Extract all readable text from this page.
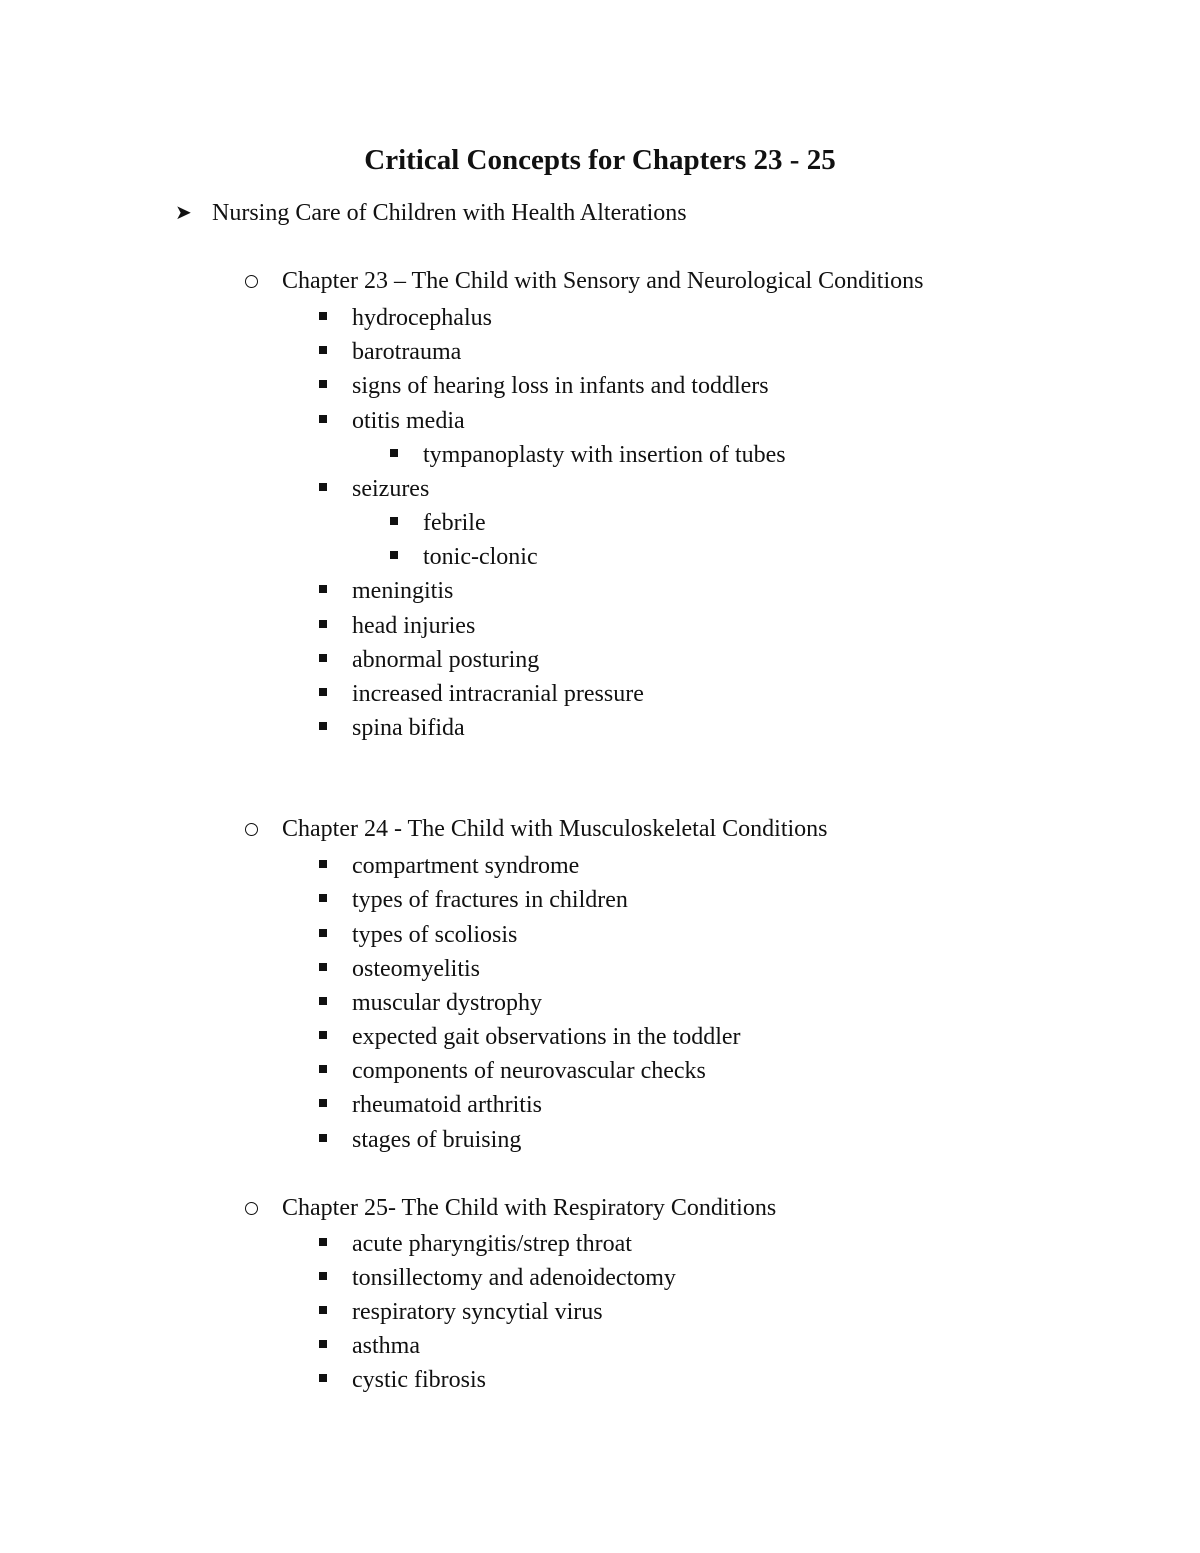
Critical Concepts for Chapters 23 - 25
➤ Nursing Care of Children with Health Alterations
Chapter 23 – The Child with Sensory and Neurological Conditions
hydrocephalus
barotrauma
signs of hearing loss in infants and toddlers
otitis media
tympanoplasty with insertion of tubes
seizures
febrile
tonic-clonic
meningitis
head injuries
abnormal posturing
increased intracranial pressure
spina bifida
Chapter 24 - The Child with Musculoskeletal Conditions
compartment syndrome
types of fractures in children
types of scoliosis
osteomyelitis
muscular dystrophy
expected gait observations in the toddler
components of neurovascular checks
rheumatoid arthritis
stages of bruising
Chapter 25- The Child with Respiratory Conditions
acute pharyngitis/strep throat
tonsillectomy and adenoidectomy
respiratory syncytial virus
asthma
cystic fibrosis
